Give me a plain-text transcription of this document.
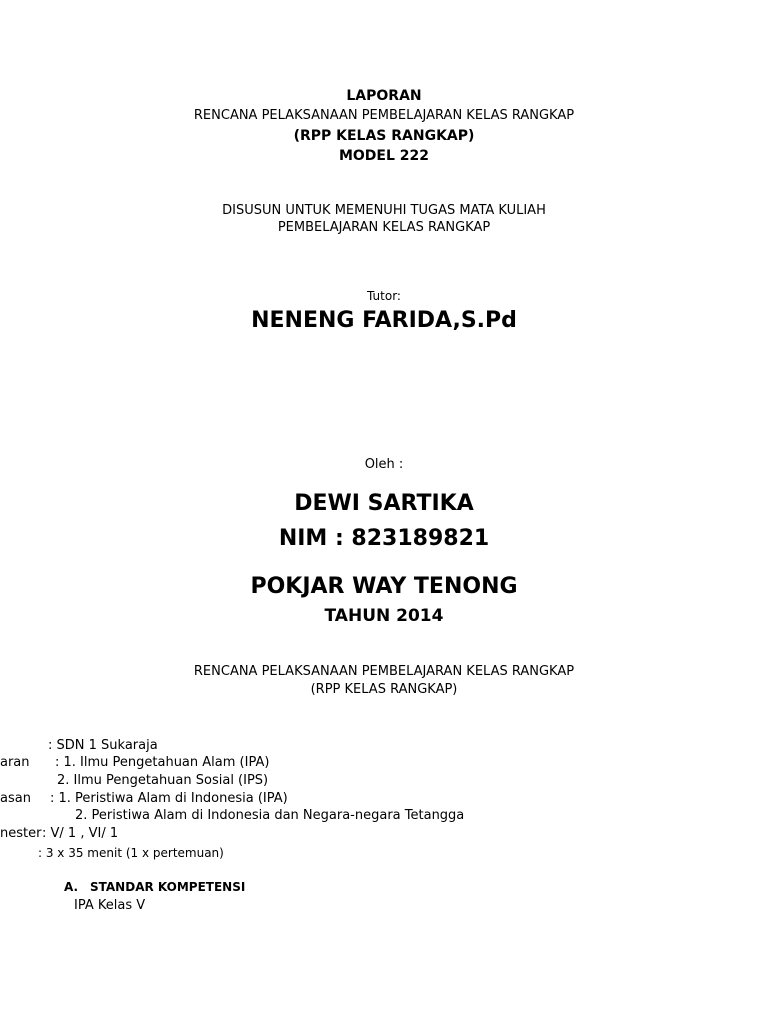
LAPORAN
RENCANA PELAKSANAAN PEMBELAJARAN KELAS RANGKAP
(RPP KELAS RANGKAP)
MODEL 222
DISUSUN UNTUK MEMENUHI TUGAS MATA KULIAH
PEMBELAJARAN KELAS RANGKAP
Tutor:
NENENG FARIDA,S.Pd
Oleh :
DEWI SARTIKA
NIM : 823189821
POKJAR WAY TENONG
TAHUN 2014
RENCANA PELAKSANAAN PEMBELAJARAN KELAS RANGKAP
(RPP KELAS RANGKAP)
: SDN 1 Sukaraja
aran : 1. Ilmu Pengetahuan Alam (IPA)
2. Ilmu Pengetahuan Sosial (IPS)
asan : 1. Peristiwa Alam di Indonesia (IPA)
2. Peristiwa Alam di Indonesia dan Negara-negara Tetangga
nester : V/ 1 , VI/ 1
: 3 x 35 menit (1 x pertemuan)
A. STANDAR KOMPETENSI
IPA Kelas V
